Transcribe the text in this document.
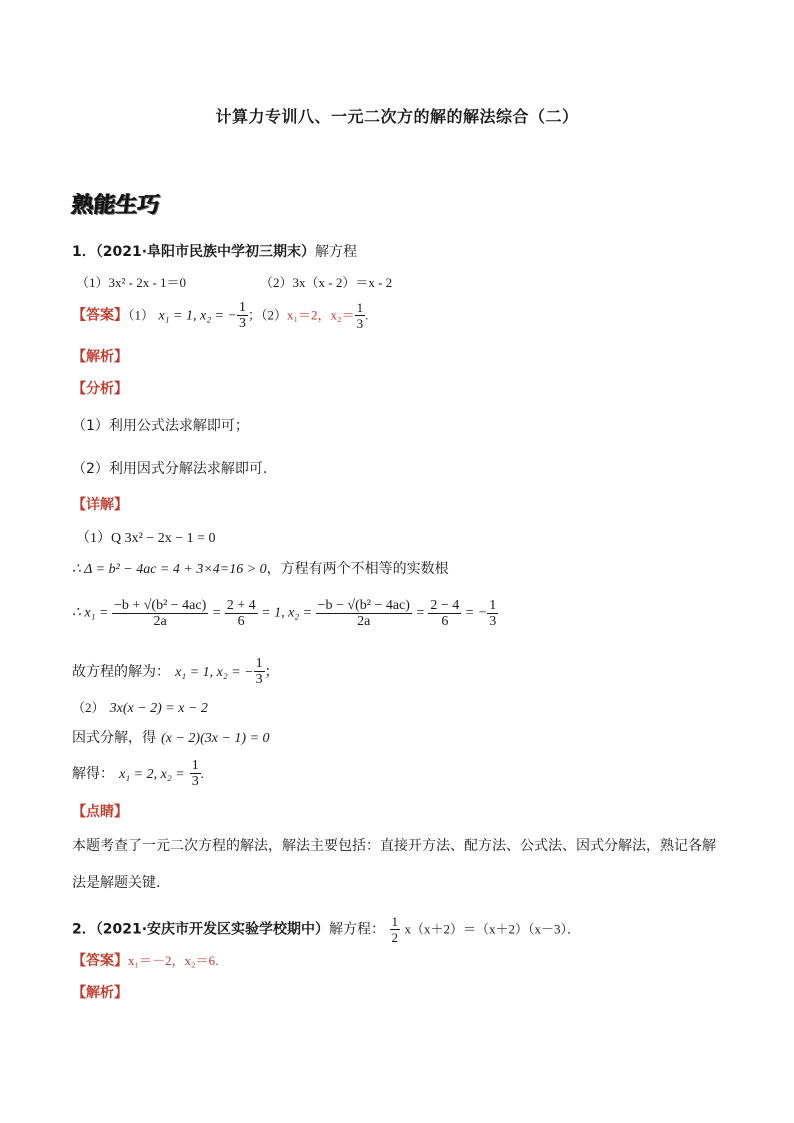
计算力专训八、一元二次方的解的解法综合（二）
熟能生巧
1．（2021·阜阳市民族中学初三期末）解方程
（1）3x² - 2x - 1＝0	（2）3x（x - 2）＝x - 2
【答案】（1） x₁ = 1, x₂ = − $\frac{1}{3}$ ；（2）x₁＝2，$x_2= \frac{1}{3}$ .
【解析】
【分析】
（1）利用公式法求解即可；
（2）利用因式分解法求解即可.
【详解】
（1）Q 3x² − 2x − 1 = 0
∴ Δ = b² − 4ac = 4 + 3×4=16 > 0，方程有两个不相等的实数根
∴ $x_1 = \frac{\text{−b + √(b² − 4ac)}}{2a} = \frac{2 + 4}{6} = 1$, $x_2 = \frac{\text{−b − √(b² − 4ac)}}{2a} = \frac{2 - 4}{6}$ = − $\frac{1}{3}$
故方程的解为： x₁ = 1, x₂ = − $\frac{1}{3}$ ；
（2） 3x(x − 2) = x − 2
因式分解，得 (x − 2)(3x − 1) = 0
解得： x₁ = 2, $x_2 = \frac{1}{3}$ .
【点睛】
本题考查了一元二次方程的解法，解法主要包括：直接开方法、配方法、公式法、因式分解法，熟记各解
法是解题关键.
2．（2021·安庆市开发区实验学校期中）解方程： $\frac{1}{2} x(x+2)=(x+2)(x-3)$．
【答案】x₁＝－2，x₂＝6.
【解析】
